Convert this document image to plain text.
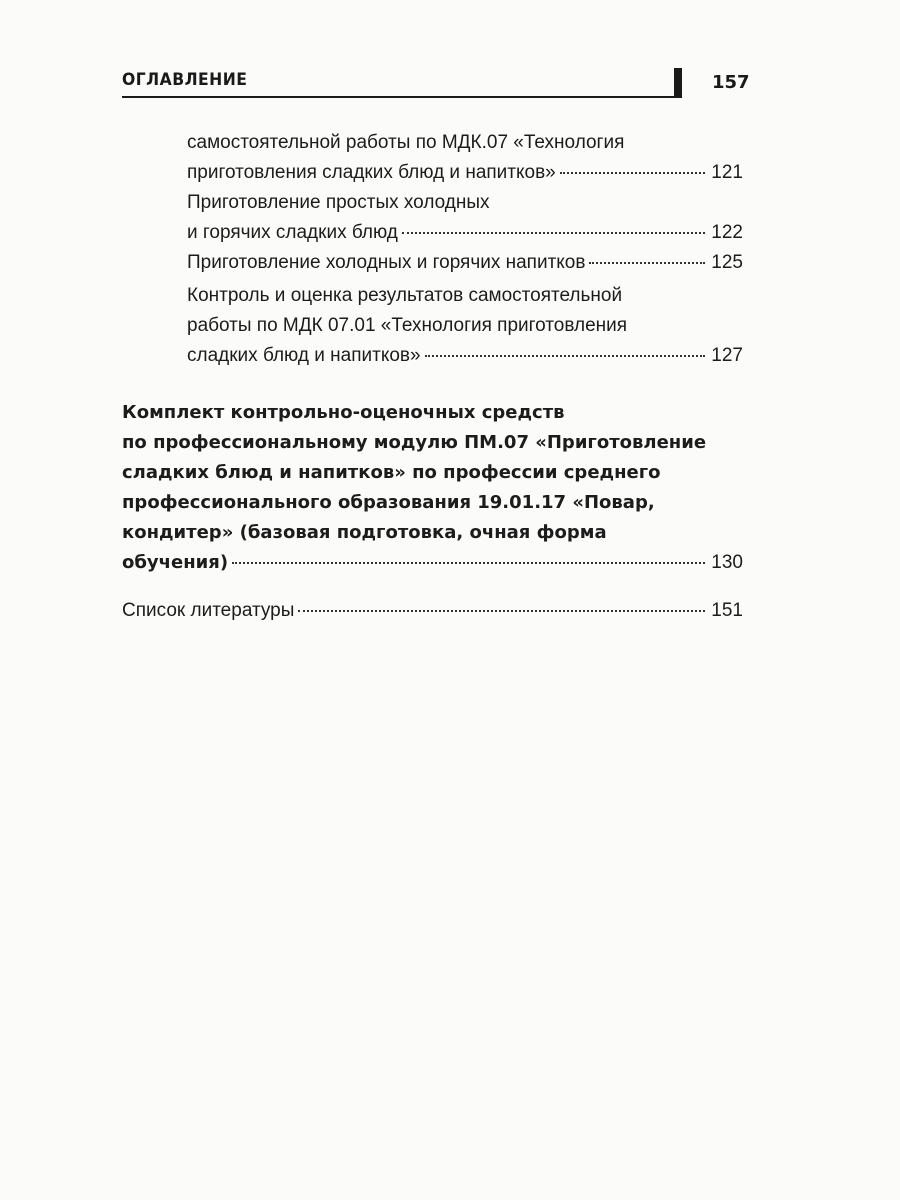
ОГЛАВЛЕНИЕ	157
самостоятельной работы по МДК.07 «Технология
приготовления сладких блюд и напитков»	121
Приготовление простых холодных
и горячих сладких блюд	122
Приготовление холодных и горячих напитков	125
Контроль и оценка результатов самостоятельной
работы по МДК 07.01 «Технология приготовления
сладких блюд и напитков»	127
Комплект контрольно-оценочных средств
по профессиональному модулю ПМ.07 «Приготовление
сладких блюд и напитков» по профессии среднего
профессионального образования 19.01.17 «Повар,
кондитер» (базовая подготовка, очная форма
обучения)	130
Список литературы	151
